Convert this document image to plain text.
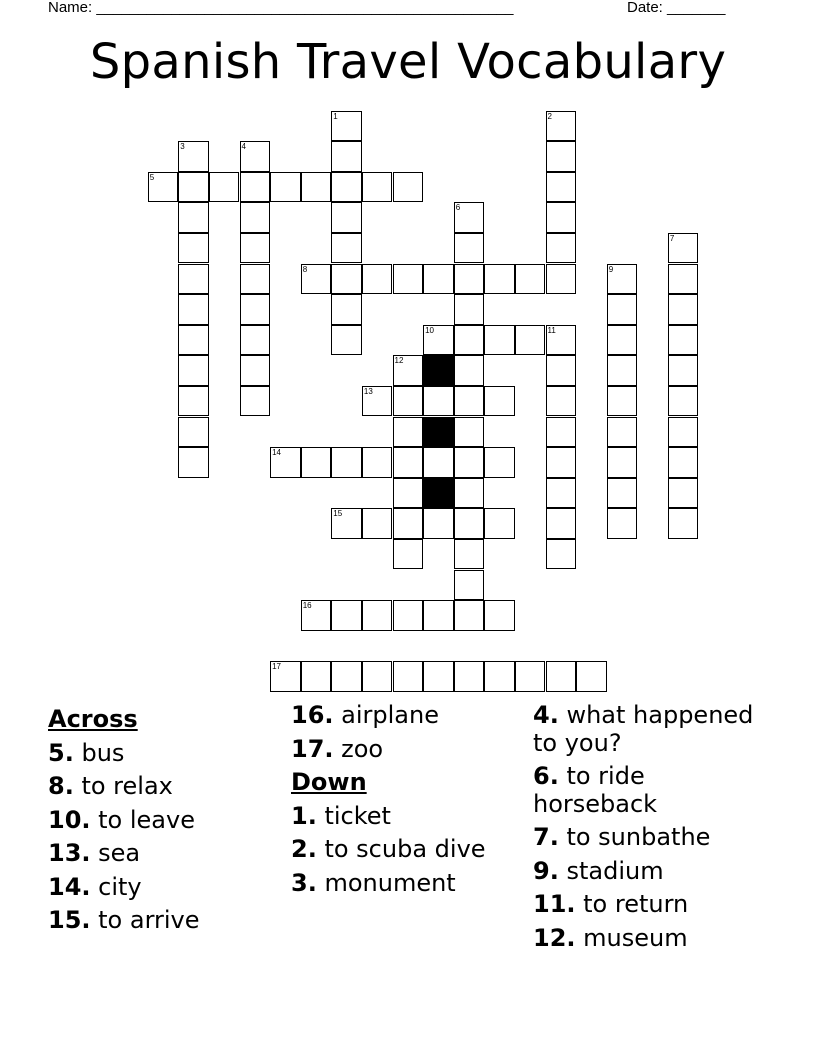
Name: __________________________________________________	Date: _______
Spanish Travel Vocabulary
1	2
3	4
5
6
7
8	9
10	11
12
13
14
15
16
17
Across
5. bus
8. to relax
10. to leave
13. sea
14. city
15. to arrive
16. airplane
17. zoo
Down
1. ticket
2. to scuba dive
3. monument
4. what happened to you?
6. to ride horseback
7. to sunbathe
9. stadium
11. to return
12. museum
